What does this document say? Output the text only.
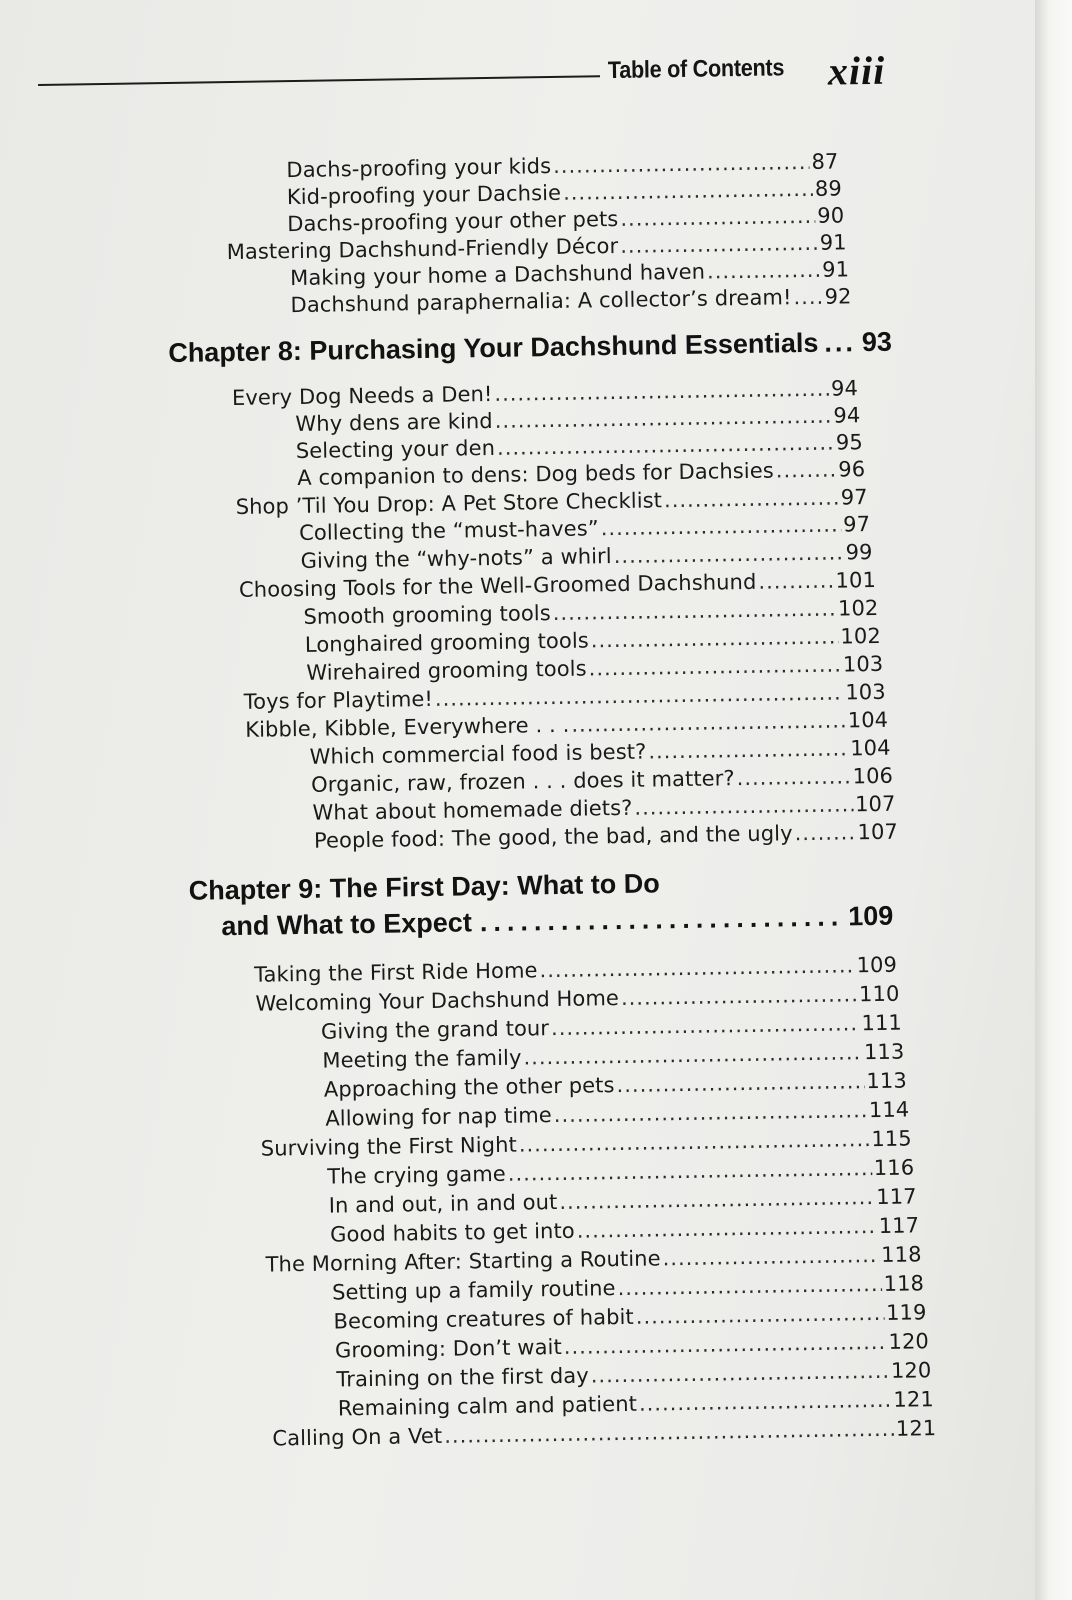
Table of Contents xiii
Dachs-proofing your kids .....	87
Kid-proofing your Dachsie .....	89
Dachs-proofing your other pets .....	90
Mastering Dachshund-Friendly Décor .....	91
Making your home a Dachshund haven .....	91
Dachshund paraphernalia: A collector’s dream! ..... 92
Chapter 8: Purchasing Your Dachshund Essentials ... 93
Every Dog Needs a Den! .....	94
Why dens are kind .....	94
Selecting your den .....	95
A companion to dens: Dog beds for Dachsies .....	96
Shop ’Til You Drop: A Pet Store Checklist .....	97
Collecting the “must-haves” .....	97
Giving the “why-nots” a whirl .....	99
Choosing Tools for the Well-Groomed Dachshund .....	101
Smooth grooming tools .....	102
Longhaired grooming tools .....	102
Wirehaired grooming tools .....	103
Toys for Playtime! .....	103
Kibble, Kibble, Everywhere . . . .....	104
Which commercial food is best? .....	104
Organic, raw, frozen . . . does it matter? .....	106
What about homemade diets? .....	107
People food: The good, the bad, and the ugly .....	107
Chapter 9: The First Day: What to Do
and What to Expect .....	109
Taking the First Ride Home .....	109
Welcoming Your Dachshund Home .....	110
Giving the grand tour .....	111
Meeting the family .....	113
Approaching the other pets .....	113
Allowing for nap time .....	114
Surviving the First Night .....	115
The crying game .....	116
In and out, in and out .....	117
Good habits to get into .....	117
The Morning After: Starting a Routine .....	118
Setting up a family routine .....	118
Becoming creatures of habit .....	119
Grooming: Don’t wait .....	120
Training on the first day .....	120
Remaining calm and patient .....	121
Calling On a Vet .....	121
